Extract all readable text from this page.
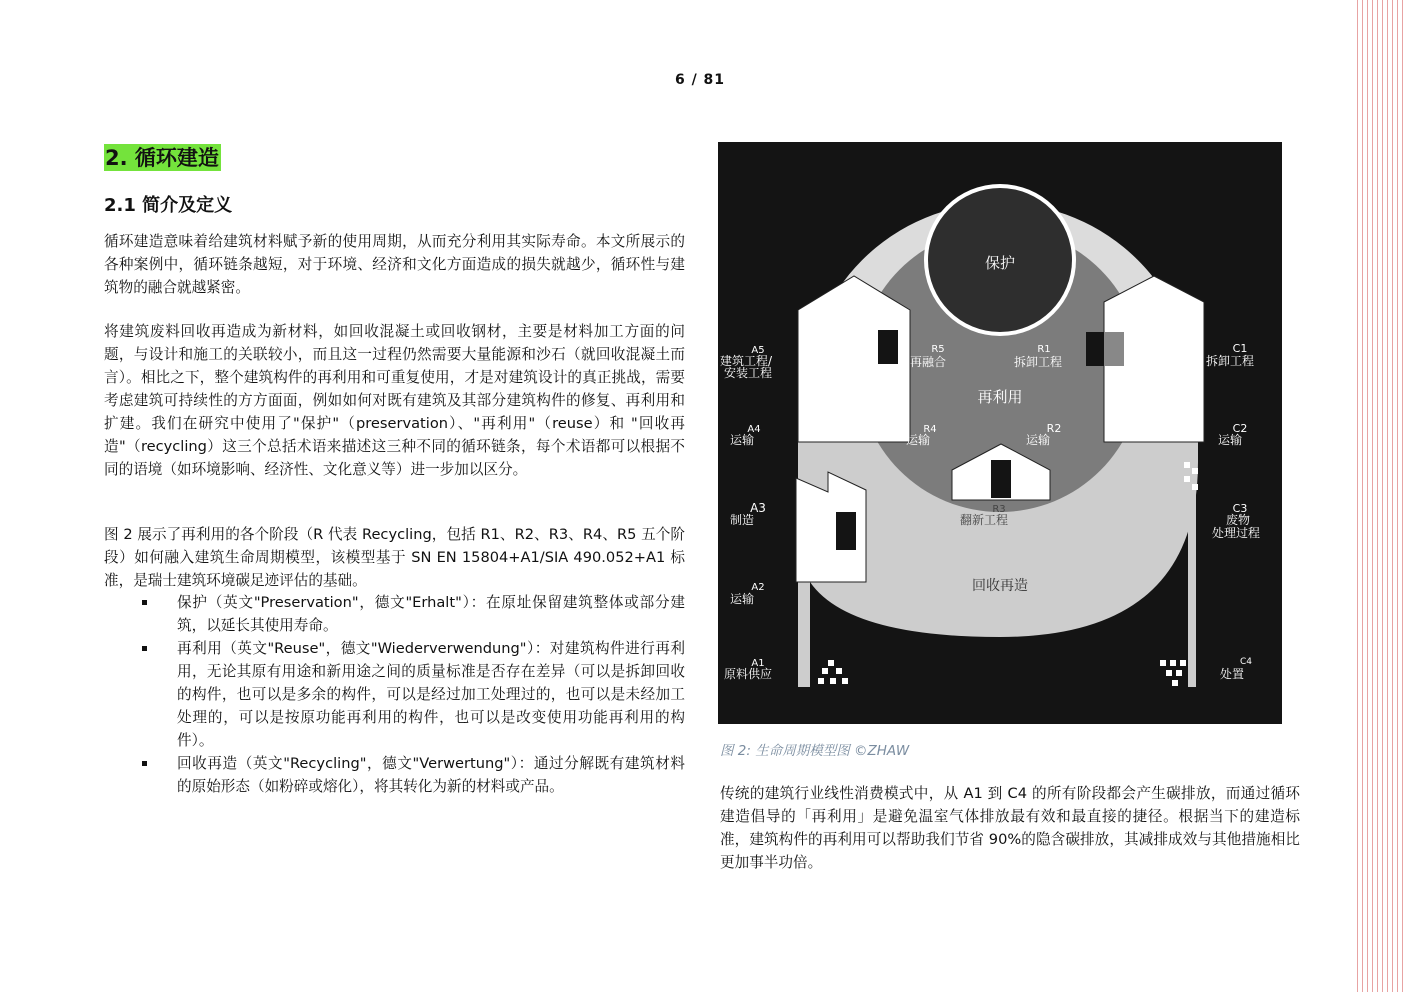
6 / 81
2. 循环建造
2.1 简介及定义

循环建造意味着给建筑材料赋予新的使用周期，从而充分利用其实际寿命。本文所展示的各种案例中，循环链条越短，对于环境、经济和文化方面造成的损失就越少，循环性与建筑物的融合就越紧密。

将建筑废料回收再造成为新材料，如回收混凝土或回收钢材，主要是材料加工方面的问题，与设计和施工的关联较小，而且这一过程仍然需要大量能源和沙石（就回收混凝土而言）。相比之下，整个建筑构件的再利用和可重复使用，才是对建筑设计的真正挑战，需要考虑建筑可持续性的方方面面，例如如何对既有建筑及其部分建筑构件的修复、再利用和扩建。我们在研究中使用了"保护"（preservation）、"再利用"（reuse）和 "回收再造"（recycling）这三个总括术语来描述这三种不同的循环链条，每个术语都可以根据不同的语境（如环境影响、经济性、文化意义等）进一步加以区分。

图 2 展示了再利用的各个阶段（R 代表 Recycling，包括 R1、R2、R3、R4、R5 五个阶段）如何融入建筑生命周期模型，该模型基于 SN EN 15804+A1/SIA 490.052+A1 标准，是瑞士建筑环境碳足迹评估的基础。

保护（英文"Preservation"，德文"Erhalt"）：在原址保留建筑整体或部分建筑，以延长其使用寿命。
再利用（英文"Reuse"，德文"Wiederverwendung"）：对建筑构件进行再利用，无论其原有用途和新用途之间的质量标准是否存在差异（可以是拆卸回收的构件，也可以是多余的构件，可以是经过加工处理过的，也可以是未经加工处理的，可以是按原功能再利用的构件，也可以是改变使用功能再利用的构件）。
回收再造（英文"Recycling"，德文"Verwertung"）：通过分解既有建筑材料的原始形态（如粉碎或熔化），将其转化为新的材料或产品。
保护
再利用
回收再造
R5
再融合
R1
拆卸工程
R4
运输
R2
运输
R3
翻新工程
A5
建筑工程/
安装工程
A4
运输
A3
制造
A2
运输
A1
原料供应
C1
拆卸工程
C2
运输
C3
废物
处理过程
C4
处置

图 2: 生命周期模型图 ©ZHAW

传统的建筑行业线性消费模式中，从 A1 到 C4 的所有阶段都会产生碳排放，而通过循环建造倡导的「再利用」是避免温室气体排放最有效和最直接的捷径。根据当下的建造标准，建筑构件的再利用可以帮助我们节省 90%的隐含碳排放，其减排成效与其他措施相比更加事半功倍。
